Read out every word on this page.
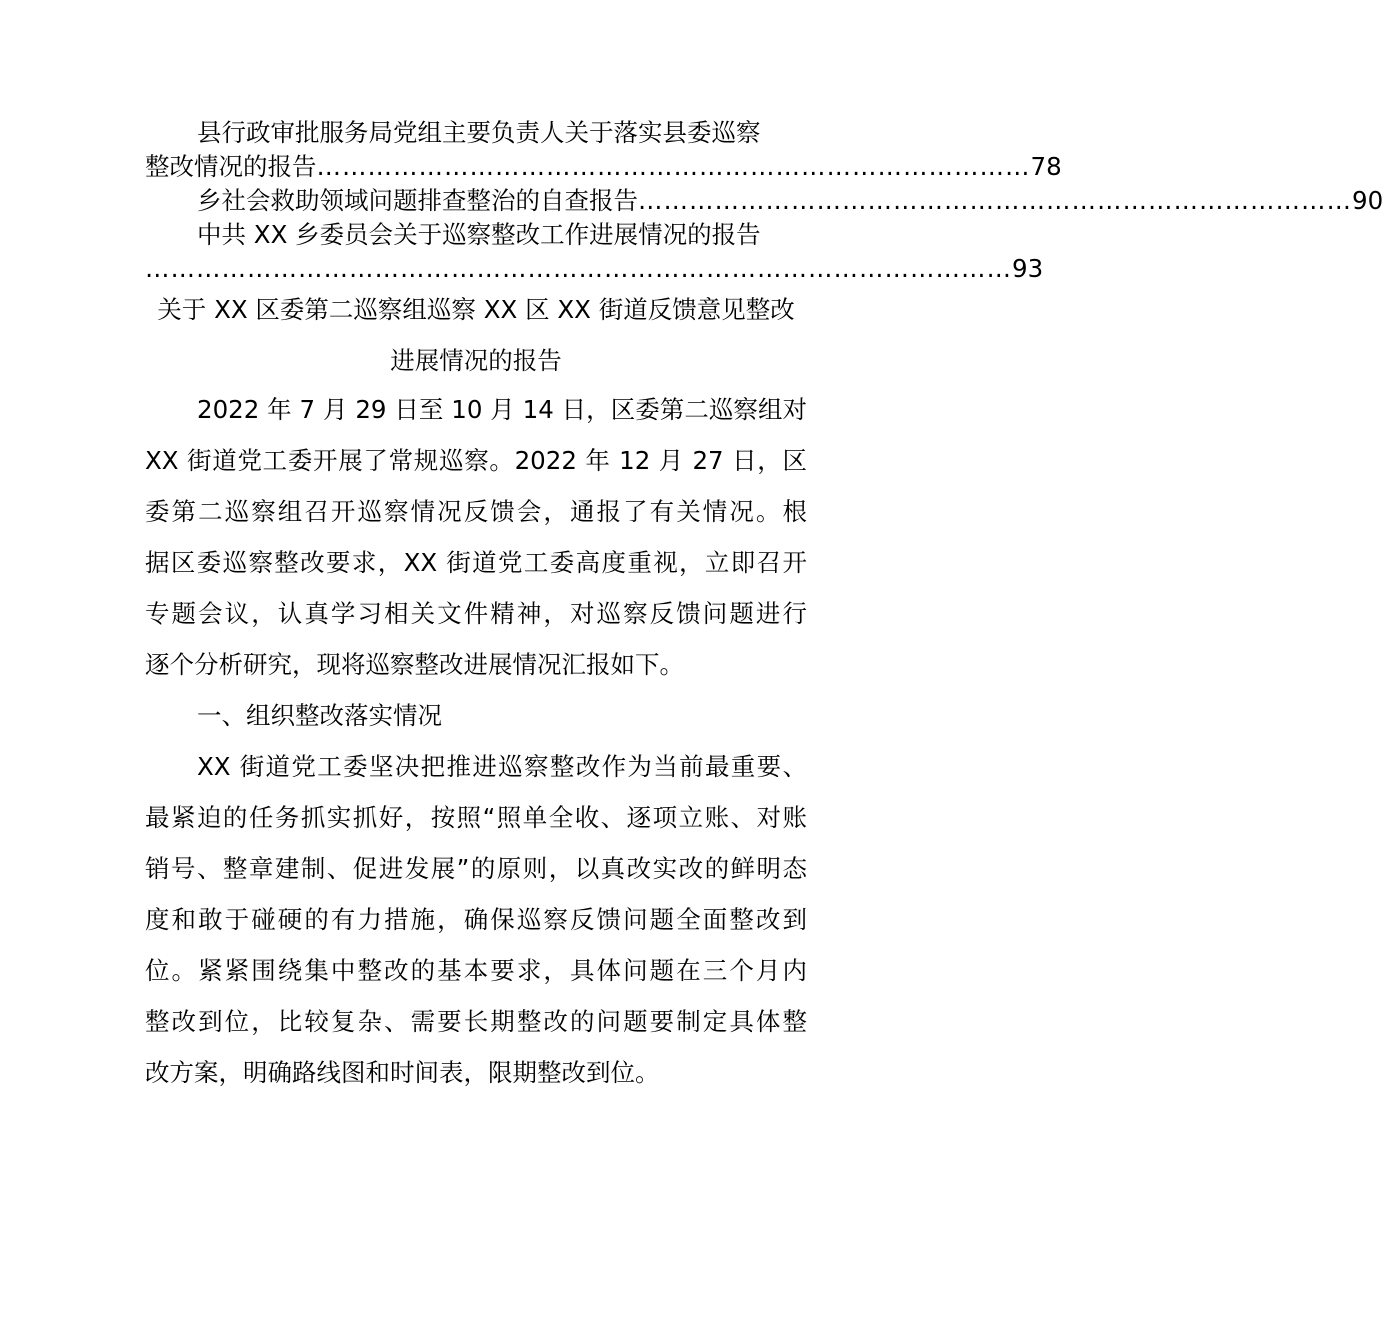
县行政审批服务局党组主要负责人关于落实县委巡察
整改情况的报告 ………………………………………………………………………… 78
乡社会救助领域问题排查整治的自查报告 ………………………………………………………………………… 90
中共 XX 乡委员会关于巡察整改工作进展情况的报告
………………………………………………………………………………………… 93
关于 XX 区委第二巡察组巡察 XX 区 XX 街道反馈意见整改
进展情况的报告
2022 年 7 月 29 日至 10 月 14 日，区委第二巡察组对
XX 街道党工委开展了常规巡察。2022 年 12 月 27 日，区
委第二巡察组召开巡察情况反馈会，通报了有关情况。根
据区委巡察整改要求，XX 街道党工委高度重视，立即召开
专题会议，认真学习相关文件精神，对巡察反馈问题进行
逐个分析研究，现将巡察整改进展情况汇报如下。
一、组织整改落实情况
XX 街道党工委坚决把推进巡察整改作为当前最重要、
最紧迫的任务抓实抓好，按照“照单全收、逐项立账、对账
销号、整章建制、促进发展”的原则，以真改实改的鲜明态
度和敢于碰硬的有力措施，确保巡察反馈问题全面整改到
位。紧紧围绕集中整改的基本要求，具体问题在三个月内
整改到位，比较复杂、需要长期整改的问题要制定具体整
改方案，明确路线图和时间表，限期整改到位。
